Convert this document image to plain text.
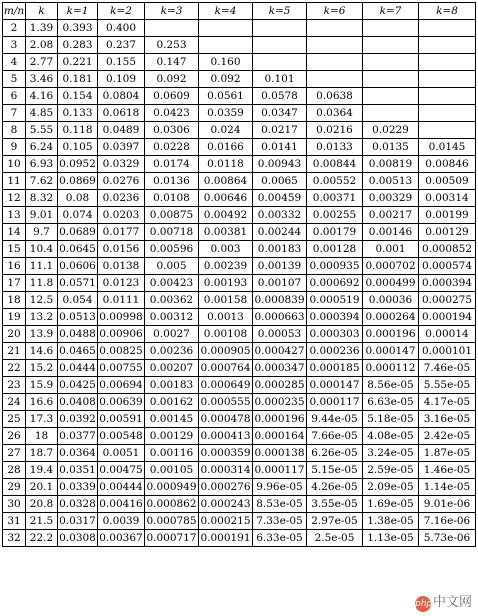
m/n	k	k=1	k=2	k=3	k=4	k=5	k=6	k=7	k=8
2	1.39	0.393	0.400						
3	2.08	0.283	0.237	0.253					
4	2.77	0.221	0.155	0.147	0.160				
5	3.46	0.181	0.109	0.092	0.092	0.101			
6	4.16	0.154	0.0804	0.0609	0.0561	0.0578	0.0638		
7	4.85	0.133	0.0618	0.0423	0.0359	0.0347	0.0364		
8	5.55	0.118	0.0489	0.0306	0.024	0.0217	0.0216	0.0229	
9	6.24	0.105	0.0397	0.0228	0.0166	0.0141	0.0133	0.0135	0.0145
10	6.93	0.0952	0.0329	0.0174	0.0118	0.00943	0.00844	0.00819	0.00846
11	7.62	0.0869	0.0276	0.0136	0.00864	0.0065	0.00552	0.00513	0.00509
12	8.32	0.08	0.0236	0.0108	0.00646	0.00459	0.00371	0.00329	0.00314
13	9.01	0.074	0.0203	0.00875	0.00492	0.00332	0.00255	0.00217	0.00199
14	9.7	0.0689	0.0177	0.00718	0.00381	0.00244	0.00179	0.00146	0.00129
15	10.4	0.0645	0.0156	0.00596	0.003	0.00183	0.00128	0.001	0.000852
16	11.1	0.0606	0.0138	0.005	0.00239	0.00139	0.000935	0.000702	0.000574
17	11.8	0.0571	0.0123	0.00423	0.00193	0.00107	0.000692	0.000499	0.000394
18	12.5	0.054	0.0111	0.00362	0.00158	0.000839	0.000519	0.00036	0.000275
19	13.2	0.0513	0.00998	0.00312	0.0013	0.000663	0.000394	0.000264	0.000194
20	13.9	0.0488	0.00906	0.0027	0.00108	0.00053	0.000303	0.000196	0.00014
21	14.6	0.0465	0.00825	0.00236	0.000905	0.000427	0.000236	0.000147	0.000101
22	15.2	0.0444	0.00755	0.00207	0.000764	0.000347	0.000185	0.000112	7.46e-05
23	15.9	0.0425	0.00694	0.00183	0.000649	0.000285	0.000147	8.56e-05	5.55e-05
24	16.6	0.0408	0.00639	0.00162	0.000555	0.000235	0.000117	6.63e-05	4.17e-05
25	17.3	0.0392	0.00591	0.00145	0.000478	0.000196	9.44e-05	5.18e-05	3.16e-05
26	18	0.0377	0.00548	0.00129	0.000413	0.000164	7.66e-05	4.08e-05	2.42e-05
27	18.7	0.0364	0.0051	0.00116	0.000359	0.000138	6.26e-05	3.24e-05	1.87e-05
28	19.4	0.0351	0.00475	0.00105	0.000314	0.000117	5.15e-05	2.59e-05	1.46e-05
29	20.1	0.0339	0.00444	0.000949	0.000276	9.96e-05	4.26e-05	2.09e-05	1.14e-05
30	20.8	0.0328	0.00416	0.000862	0.000243	8.53e-05	3.55e-05	1.69e-05	9.01e-06
31	21.5	0.0317	0.0039	0.000785	0.000215	7.33e-05	2.97e-05	1.38e-05	7.16e-06
32	22.2	0.0308	0.00367	0.000717	0.000191	6.33e-05	2.5e-05	1.13e-05	5.73e-06
php中文网
